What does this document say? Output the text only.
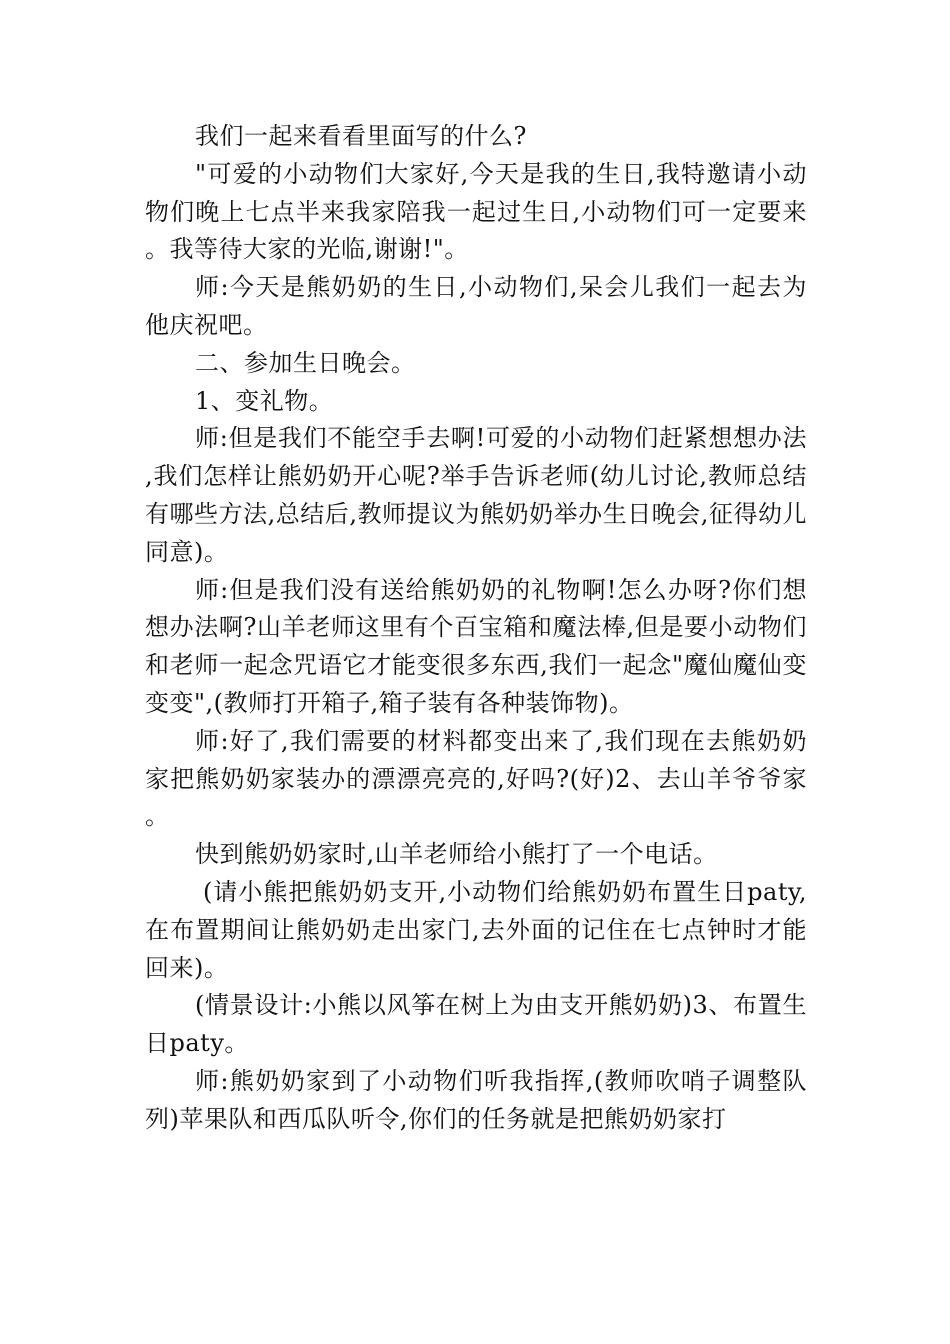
我们一起来看看里面写的什么?

"可爱的小动物们大家好,今天是我的生日,我特邀请小动物们晚上七点半来我家陪我一起过生日,小动物们可一定要来。我等待大家的光临,谢谢!"。

师:今天是熊奶奶的生日,小动物们,呆会儿我们一起去为他庆祝吧。

二、参加生日晚会。

1、变礼物。

师:但是我们不能空手去啊!可爱的小动物们赶紧想想办法,我们怎样让熊奶奶开心呢?举手告诉老师(幼儿讨论,教师总结有哪些方法,总结后,教师提议为熊奶奶举办生日晚会,征得幼儿同意)。

师:但是我们没有送给熊奶奶的礼物啊!怎么办呀?你们想想办法啊?山羊老师这里有个百宝箱和魔法棒,但是要小动物们和老师一起念咒语它才能变很多东西,我们一起念"魔仙魔仙变变变",(教师打开箱子,箱子装有各种装饰物)。

师:好了,我们需要的材料都变出来了,我们现在去熊奶奶家把熊奶奶家装办的漂漂亮亮的,好吗?(好)2、去山羊爷爷家。

快到熊奶奶家时,山羊老师给小熊打了一个电话。

(请小熊把熊奶奶支开,小动物们给熊奶奶布置生日paty,在布置期间让熊奶奶走出家门,去外面的记住在七点钟时才能回来)。

(情景设计:小熊以风筝在树上为由支开熊奶奶)3、布置生日paty。

师:熊奶奶家到了小动物们听我指挥,(教师吹哨子调整队列)苹果队和西瓜队听令,你们的任务就是把熊奶奶家打
